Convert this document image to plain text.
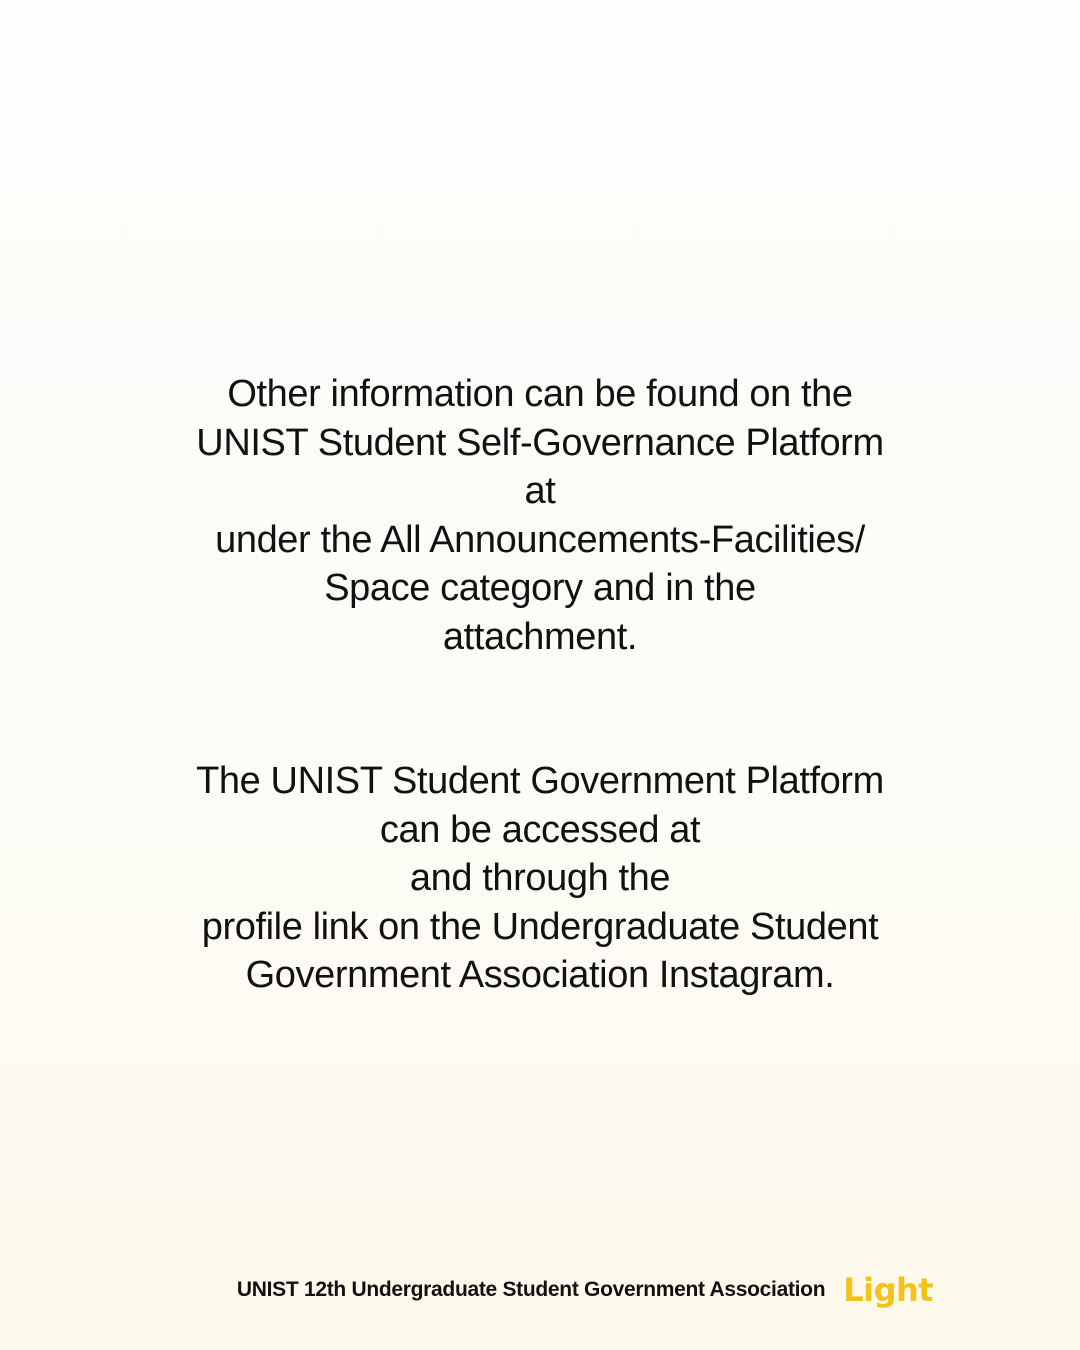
Other information can be found on the
UNIST Student Self-Governance Platform
at
under the All Announcements-Facilities/
Space category and in the
attachment.
The UNIST Student Government Platform
can be accessed at
and through the
profile link on the Undergraduate Student
Government Association Instagram.
UNIST 12th Undergraduate Student Government Association Light
